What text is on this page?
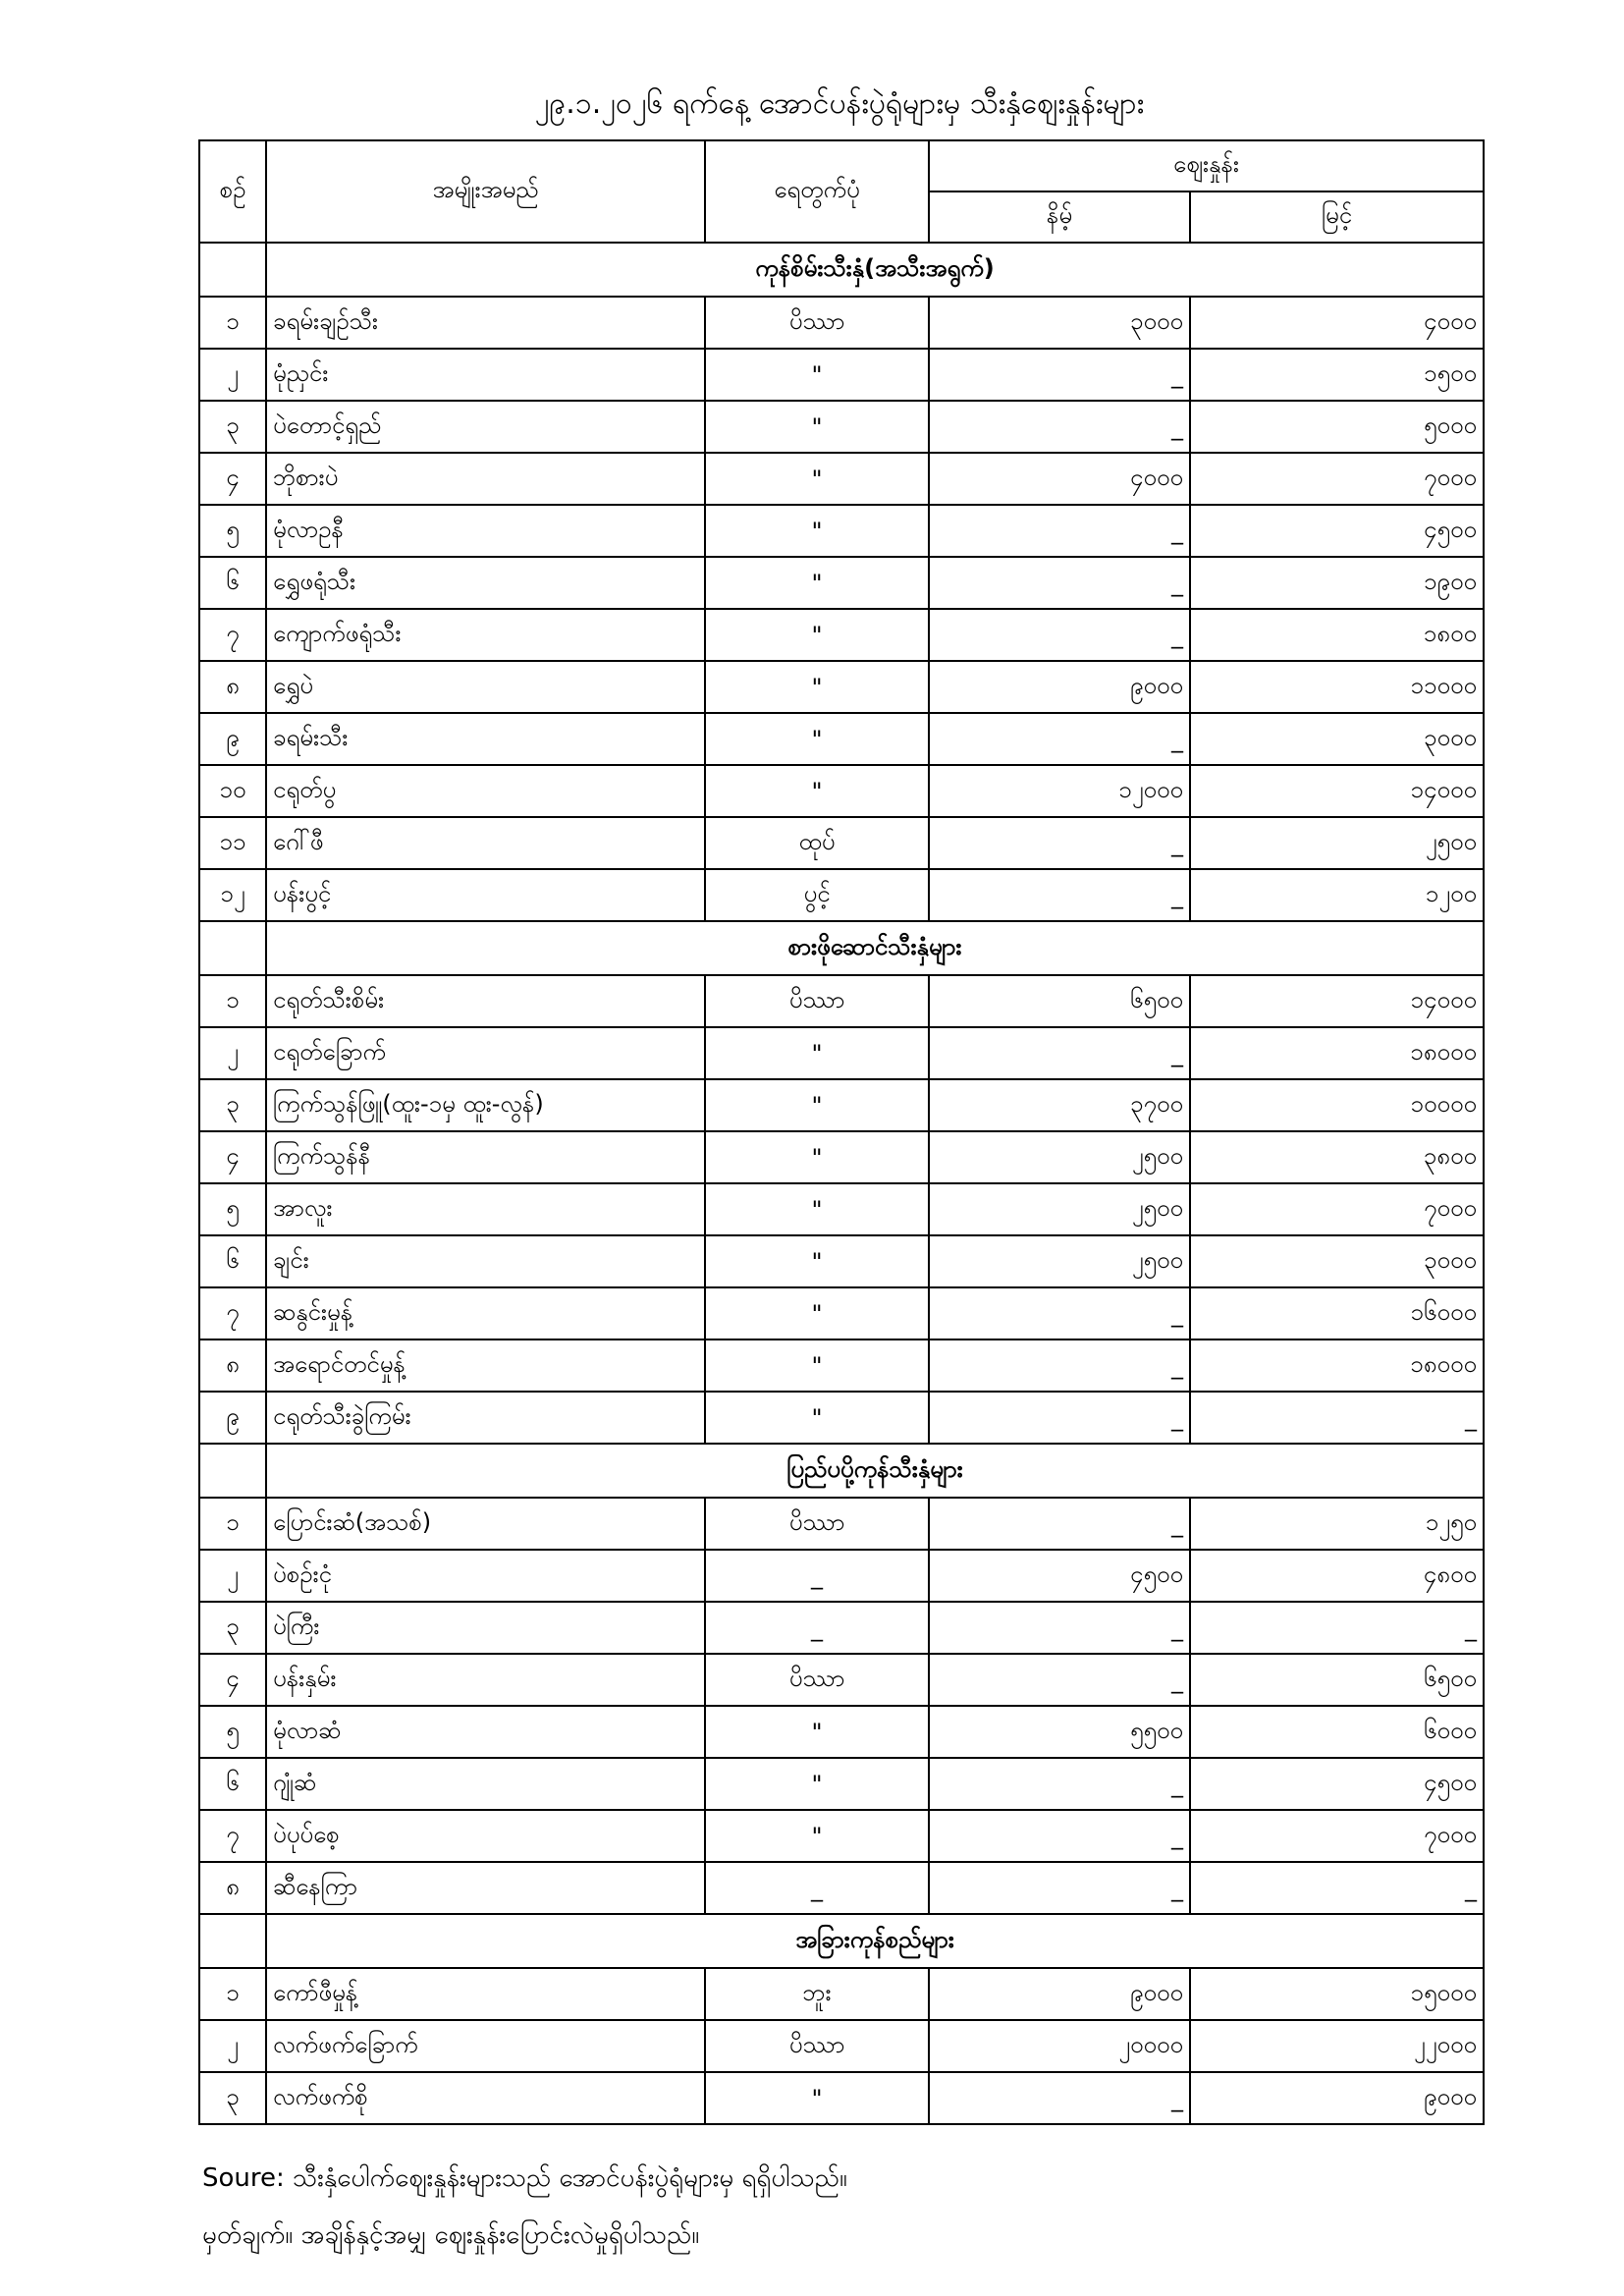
၂၉.၁.၂၀၂၆ ရက်နေ့ အောင်ပန်းပွဲရုံများမှ သီးနှံဈေးနှုန်းများ
စဉ်	အမျိုးအမည်	ရေတွက်ပုံ	ဈေးနှုန်း	
			နိမ့်	မြင့်
	ကုန်စိမ်းသီးနှံ(အသီးအရွက်)			
၁	ခရမ်းချဉ်သီး	ပိဿာ	၃၀၀၀	၄၀၀၀
၂	မုံညှင်း	"	_	၁၅၀၀
၃	ပဲတောင့်ရှည်	"	_	၅၀၀၀
၄	ဘိုစားပဲ	"	၄၀၀၀	၇၀၀၀
၅	မုံလာဥနီ	"	_	၄၅၀၀
၆	ရွှေဖရုံသီး	"	_	၁၉၀၀
၇	ကျောက်ဖရုံသီး	"	_	၁၈၀၀
၈	ရွှေပဲ	"	၉၀၀၀	၁၁၀၀၀
၉	ခရမ်းသီး	"	_	၃၀၀၀
၁၀	ငရုတ်ပွ	"	၁၂၀၀၀	၁၄၀၀၀
၁၁	ဂေါ်ဖီ	ထုပ်	_	၂၅၀၀
၁၂	ပန်းပွင့်	ပွင့်	_	၁၂၀၀
	စားဖိုဆောင်သီးနှံများ			
၁	ငရုတ်သီးစိမ်း	ပိဿာ	၆၅၀၀	၁၄၀၀၀
၂	ငရုတ်ခြောက်	"	_	၁၈၀၀၀
၃	ကြက်သွန်ဖြူ(ထူး-၁မှ ထူး-လွန်)	"	၃၇၀၀	၁၀၀၀၀
၄	ကြက်သွန်နီ	"	၂၅၀၀	၃၈၀၀
၅	အာလူး	"	၂၅၀၀	၇၀၀၀
၆	ချင်း	"	၂၅၀၀	၃၀၀၀
၇	ဆနွင်းမှုန့်	"	_	၁၆၀၀၀
၈	အရောင်တင်မှုန့်	"	_	၁၈၀၀၀
၉	ငရုတ်သီးခွဲကြမ်း	"	_	_
	ပြည်ပပို့ကုန်သီးနှံများ			
၁	ပြောင်းဆံ(အသစ်)	ပိဿာ	_	၁၂၅၀
၂	ပဲစဉ်းငုံ	_	၄၅၀၀	၄၈၀၀
၃	ပဲကြီး	_	_	_
၄	ပန်းနှမ်း	ပိဿာ	_	၆၅၀၀
၅	မုံလာဆံ	"	၅၅၀၀	၆၀၀၀
၆	ဂျုံဆံ	"	_	၄၅၀၀
၇	ပဲပုပ်စေ့	"	_	၇၀၀၀
၈	ဆီနေကြာ	_	_	_
	အခြားကုန်စည်များ			
၁	ကော်ဖီမှုန့်	ဘူး	၉၀၀၀	၁၅၀၀၀
၂	လက်ဖက်ခြောက်	ပိဿာ	၂၀၀၀၀	၂၂၀၀၀
၃	လက်ဖက်စို	"	_	၉၀၀၀
Soure: သီးနှံပေါက်ဈေးနှုန်းများသည် အောင်ပန်းပွဲရုံများမှ ရရှိပါသည်။
မှတ်ချက်။ အချိန်နှင့်အမျှ ဈေးနှုန်းပြောင်းလဲမှုရှိပါသည်။
